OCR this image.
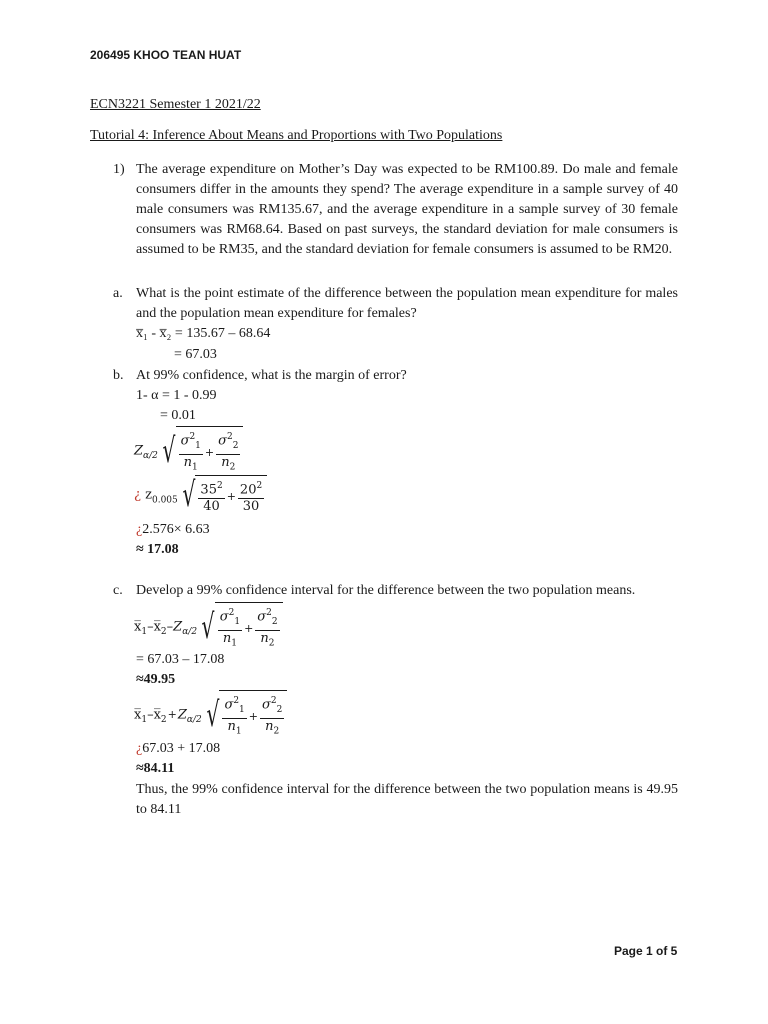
206495 KHOO TEAN HUAT
ECN3221 Semester 1 2021/22
Tutorial 4: Inference About Means and Proportions with Two Populations
1) The average expenditure on Mother’s Day was expected to be RM100.89. Do male and female consumers differ in the amounts they spend? The average expenditure in a sample survey of 40 male consumers was RM135.67, and the average expenditure in a sample survey of 30 female consumers was RM68.64. Based on past surveys, the standard deviation for male consumers is assumed to be RM35, and the standard deviation for female consumers is assumed to be RM20.
a. What is the point estimate of the difference between the population mean expenditure for males and the population mean expenditure for females?
x̅₁ - x̅₂ = 135.67 – 68.64
= 67.03
b. At 99% confidence, what is the margin of error?
1- α = 1 - 0.99
= 0.01
$Z_{\alpha/2}$ √ $\frac{\sigma^2_1}{n_1} + \frac{\sigma^2_2}{n_2}$
¿ $z_{0.005}$ √ $\frac{35^2}{40} + \frac{20^2}{30}$
¿2.576× 6.63
≈ 17.08
c. Develop a 99% confidence interval for the difference between the two population means.
$x̅_1-x̅_2-Z_{\alpha/2}$ √ $\frac{\sigma^2_1}{n_1} + \frac{\sigma^2_2}{n_2}$
= 67.03 – 17.08
≈49.95
$x̅_1-x̅_2+Z_{\alpha/2}$ √ $\frac{\sigma^2_1}{n_1} + \frac{\sigma^2_2}{n_2}$
¿67.03 + 17.08
≈84.11
Thus, the 99% confidence interval for the difference between the two population means is 49.95 to 84.11
Page 1 of 5
